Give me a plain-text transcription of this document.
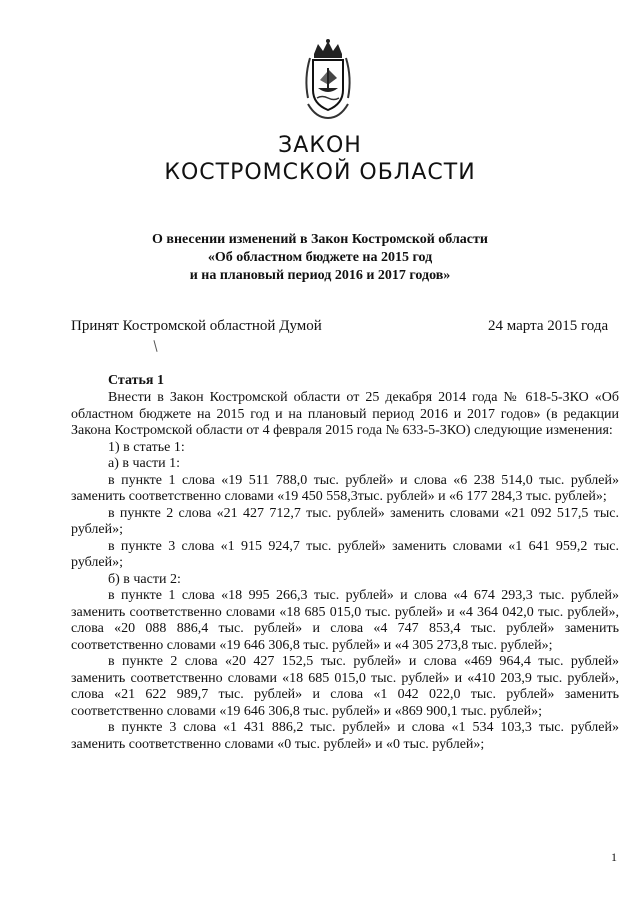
ЗАКОН
КОСТРОМСКОЙ ОБЛАСТИ
О внесении изменений в Закон Костромской области
«Об областном бюджете на 2015 год
и на плановый период 2016 и 2017 годов»
Принят Костромской областной Думой	24 марта 2015 года
Статья 1

Внести в Закон Костромской области от 25 декабря 2014 года № 618-5-ЗКО «Об областном бюджете на 2015 год и на плановый период 2016 и 2017 годов» (в редакции Закона Костромской области от 4 февраля 2015 года № 633-5-ЗКО) следующие изменения:

1) в статье 1:

а) в части 1:

в пункте 1 слова «19 511 788,0 тыс. рублей» и слова «6 238 514,0 тыс. рублей» заменить соответственно словами «19 450 558,3тыс. рублей» и «6 177 284,3 тыс. рублей»;

в пункте 2 слова «21 427 712,7 тыс. рублей» заменить словами «21 092 517,5 тыс. рублей»;

в пункте 3 слова «1 915 924,7 тыс. рублей» заменить словами «1 641 959,2 тыс. рублей»;

б) в части 2:

в пункте 1 слова «18 995 266,3 тыс. рублей» и слова «4 674 293,3 тыс. рублей» заменить соответственно словами «18 685 015,0 тыс. рублей» и «4 364 042,0 тыс. рублей», слова «20 088 886,4 тыс. рублей» и слова «4 747 853,4 тыс. рублей» заменить соответственно словами «19 646 306,8 тыс. рублей» и «4 305 273,8 тыс. рублей»;

в пункте 2 слова «20 427 152,5 тыс. рублей» и слова «469 964,4 тыс. рублей» заменить соответственно словами «18 685 015,0 тыс. рублей» и «410 203,9 тыс. рублей», слова «21 622 989,7 тыс. рублей» и слова «1 042 022,0 тыс. рублей» заменить соответственно словами «19 646 306,8 тыс. рублей» и «869 900,1 тыс. рублей»;

в пункте 3 слова «1 431 886,2 тыс. рублей» и слова «1 534 103,3 тыс. рублей» заменить соответственно словами «0 тыс. рублей» и «0 тыс. рублей»;

1
